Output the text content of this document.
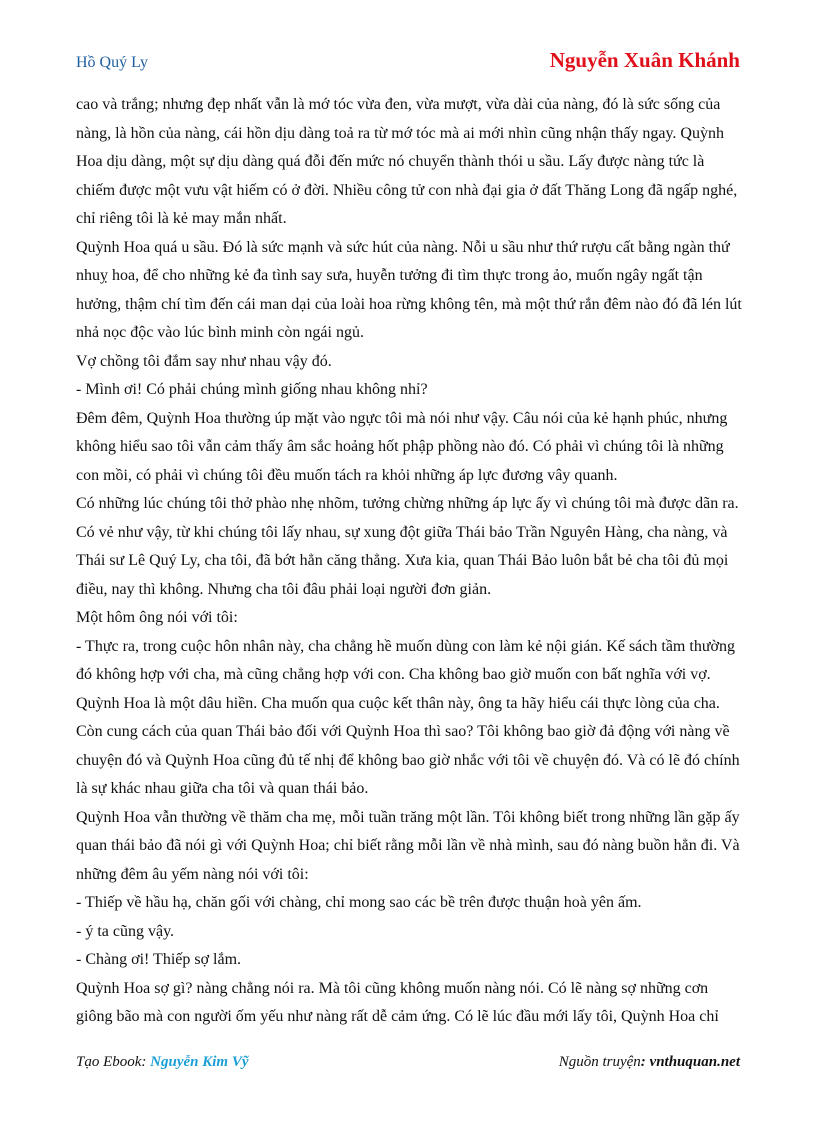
Hồ Quý Ly	Nguyễn Xuân Khánh

cao và trắng; nhưng đẹp nhất vẫn là mớ tóc vừa đen, vừa mượt, vừa dài của nàng, đó là sức sống của nàng, là hồn của nàng, cái hồn dịu dàng toả ra từ mớ tóc mà ai mới nhìn cũng nhận thấy ngay. Quỳnh Hoa dịu dàng, một sự dịu dàng quá đỗi đến mức nó chuyển thành thói u sầu. Lấy được nàng tức là chiếm được một vưu vật hiếm có ở đời. Nhiều công tử con nhà đại gia ở đất Thăng Long đã ngấp nghé, chỉ riêng tôi là kẻ may mắn nhất.

Quỳnh Hoa quá u sầu. Đó là sức mạnh và sức hút của nàng. Nỗi u sầu như thứ rượu cất bằng ngàn thứ nhuỵ hoa, để cho những kẻ đa tình say sưa, huyễn tưởng đi tìm thực trong ảo, muốn ngây ngất tận hưởng, thậm chí tìm đến cái man dại của loài hoa rừng không tên, mà một thứ rắn đêm nào đó đã lén lút nhả nọc độc vào lúc bình minh còn ngái ngủ.

Vợ chồng tôi đắm say như nhau vậy đó.

- Mình ơi! Có phải chúng mình giống nhau không nhỉ?

Đêm đêm, Quỳnh Hoa thường úp mặt vào ngực tôi mà nói như vậy. Câu nói của kẻ hạnh phúc, nhưng không hiểu sao tôi vẫn cảm thấy âm sắc hoảng hốt phập phồng nào đó. Có phải vì chúng tôi là những con mồi, có phải vì chúng tôi đều muốn tách ra khỏi những áp lực đương vây quanh.

Có những lúc chúng tôi thở phào nhẹ nhõm, tưởng chừng những áp lực ấy vì chúng tôi mà được dãn ra. Có vẻ như vậy, từ khi chúng tôi lấy nhau, sự xung đột giữa Thái bảo Trần Nguyên Hàng, cha nàng, và Thái sư Lê Quý Ly, cha tôi, đã bớt hẳn căng thẳng. Xưa kia, quan Thái Bảo luôn bắt bẻ cha tôi đủ mọi điều, nay thì không. Nhưng cha tôi đâu phải loại người đơn giản.

Một hôm ông nói với tôi:

- Thực ra, trong cuộc hôn nhân này, cha chẳng hề muốn dùng con làm kẻ nội gián. Kế sách tầm thường đó không hợp với cha, mà cũng chẳng hợp với con. Cha không bao giờ muốn con bất nghĩa với vợ. Quỳnh Hoa là một dâu hiền. Cha muốn qua cuộc kết thân này, ông ta hãy hiểu cái thực lòng của cha.

Còn cung cách của quan Thái bảo đối với Quỳnh Hoa thì sao? Tôi không bao giờ đả động với nàng về chuyện đó và Quỳnh Hoa cũng đủ tế nhị để không bao giờ nhắc với tôi về chuyện đó. Và có lẽ đó chính là sự khác nhau giữa cha tôi và quan thái bảo.

Quỳnh Hoa vẫn thường về thăm cha mẹ, mỗi tuần trăng một lần. Tôi không biết trong những lần gặp ấy quan thái bảo đã nói gì với Quỳnh Hoa; chỉ biết rằng mỗi lần về nhà mình, sau đó nàng buồn hẳn đi. Và những đêm âu yếm nàng nói với tôi:

- Thiếp về hầu hạ, chăn gối với chàng, chỉ mong sao các bề trên được thuận hoà yên ấm.

- ý ta cũng vậy.

- Chàng ơi! Thiếp sợ lắm.

Quỳnh Hoa sợ gì? nàng chẳng nói ra. Mà tôi cũng không muốn nàng nói. Có lẽ nàng sợ những cơn giông bão mà con người ốm yếu như nàng rất dễ cảm ứng. Có lẽ lúc đầu mới lấy tôi, Quỳnh Hoa chỉ

Tạo Ebook: Nguyễn Kim Vỹ	Nguồn truyện: vnthuquan.net
